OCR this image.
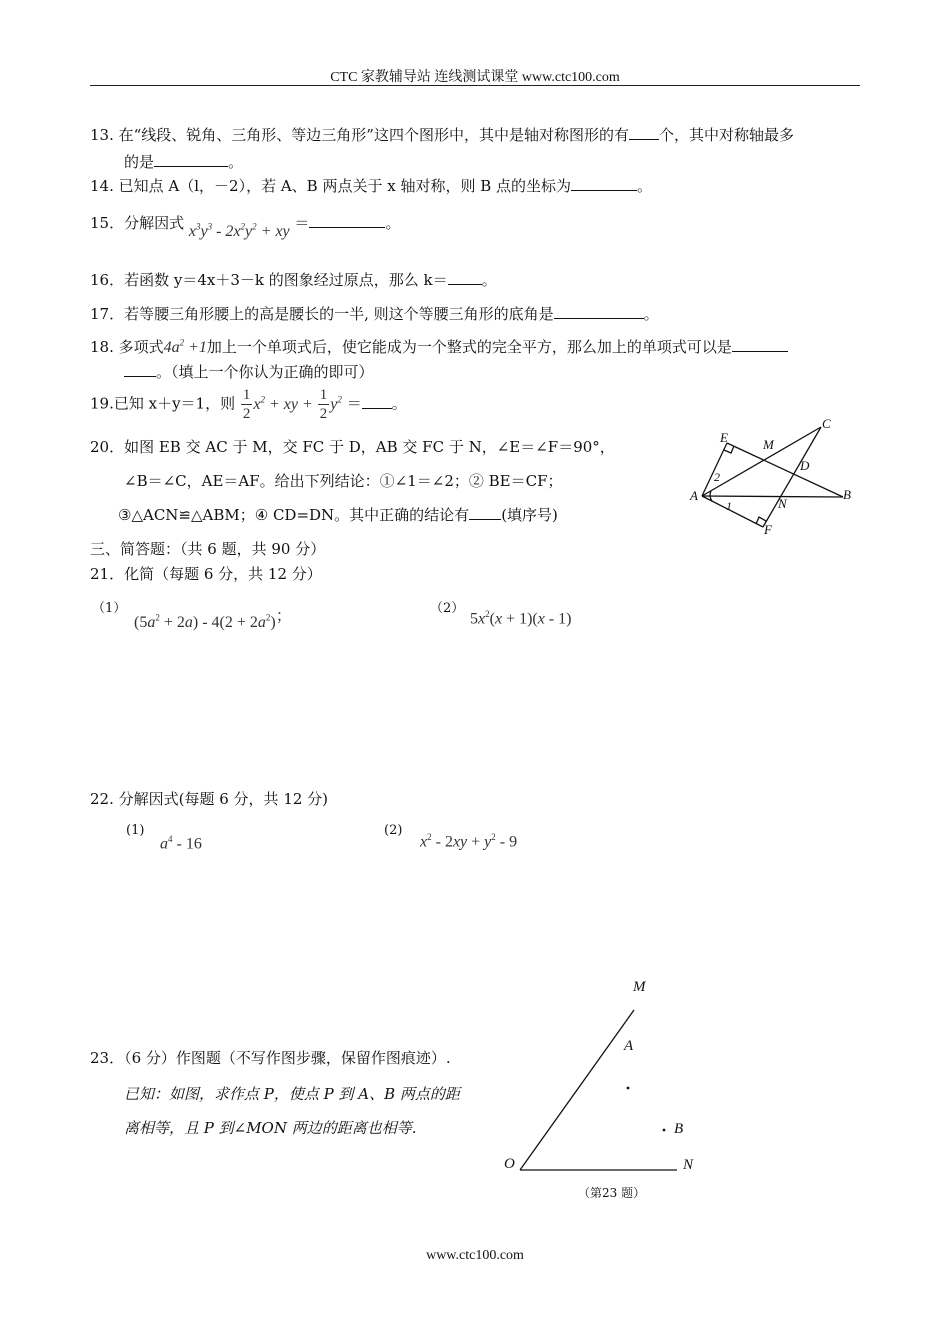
CTC 家教辅导站 连线测试课堂 www.ctc100.com
13. 在“线段、锐角、三角形、等边三角形”这四个图形中，其中是轴对称图形的有 个，其中对称轴最多
的是	。
14. 已知点 A（l，－2），若 A、B 两点关于 x 轴对称，则 B 点的坐标为	。
15．分解因式 $x^3y^3 - 2x^2y^2$ + xy ＝	。
16．若函数 y＝4x＋3－k 的图象经过原点，那么 k＝ 。
17．若等腰三角形腰上的高是腰长的一半, 则这个等腰三角形的底角是	。
18. 多项式$4a^2 +1$加上一个单项式后，使它能成为一个整式的完全平方，那么加上的单项式可以是
。（填上一个你认为正确的即可）
19.已知 x＋y＝1，则 $\frac{1}{2} x^2$ + xy + $\frac{1}{2} y^2$ ＝ 。
20．如图 EB 交 AC 于 M，交 FC 于 D，AB 交 FC 于 N，∠E＝∠F＝90°，
∠B＝∠C，AE＝AF。给出下列结论：①∠1＝∠2；② BE＝CF；
③△ACN≌△ABM；④ CD=DN。其中正确的结论有 (填序号)
E	M
C
D
A	B
N
F
2
1
三、简答题：（共 6 题，共 90 分）
21．化简（每题 6 分，共 12 分）
（1）
$(5a^2 + 2a) - 4(2 + 2a^2)$；	（2）
$5x^2(x + 1)(x - 1)$
22. 分解因式(每题 6 分，共 12 分)
(1)
$a^4 - 16$
(2)
$x^2 - 2xy + y^2 - 9$
23．（6 分）作图题（不写作图步骤，保留作图痕迹）.
已知：如图，求作点 P，使点 P 到 A、B 两点的距
离相等，且 P 到∠MON 两边的距离也相等.
M
A
B
O	N
（第23 题）
www.ctc100.com
